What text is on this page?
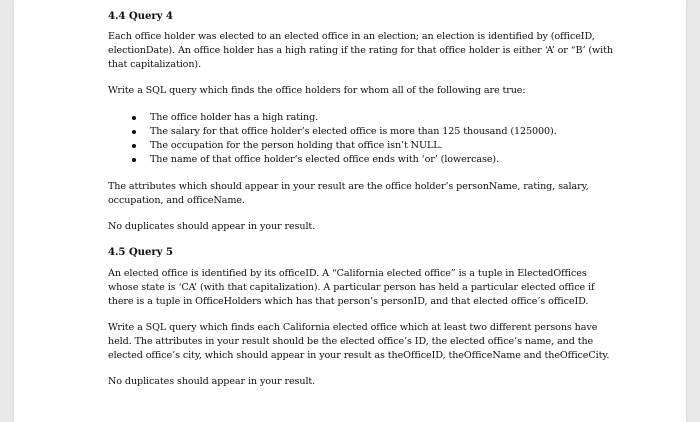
4.4 Query 4
Each office holder was elected to an elected office in an election; an election is identified by (officeID,
electionDate). An office holder has a high rating if the rating for that office holder is either ‘A’ or “B’ (with
that capitalization).
Write a SQL query which finds the office holders for whom all of the following are true:
The office holder has a high rating.
The salary for that office holder’s elected office is more than 125 thousand (125000).
The occupation for the person holding that office isn’t NULL.
The name of that office holder’s elected office ends with ‘or’ (lowercase).
The attributes which should appear in your result are the office holder’s personName, rating, salary,
occupation, and officeName.
No duplicates should appear in your result.
4.5 Query 5
An elected office is identified by its officeID. A “California elected office” is a tuple in ElectedOffices
whose state is ‘CA’ (with that capitalization). A particular person has held a particular elected office if
there is a tuple in OfficeHolders which has that person’s personID, and that elected office’s officeID.
Write a SQL query which finds each California elected office which at least two different persons have
held. The attributes in your result should be the elected office’s ID, the elected office’s name, and the
elected office’s city, which should appear in your result as theOfficeID, theOfficeName and theOfficeCity.
No duplicates should appear in your result.
